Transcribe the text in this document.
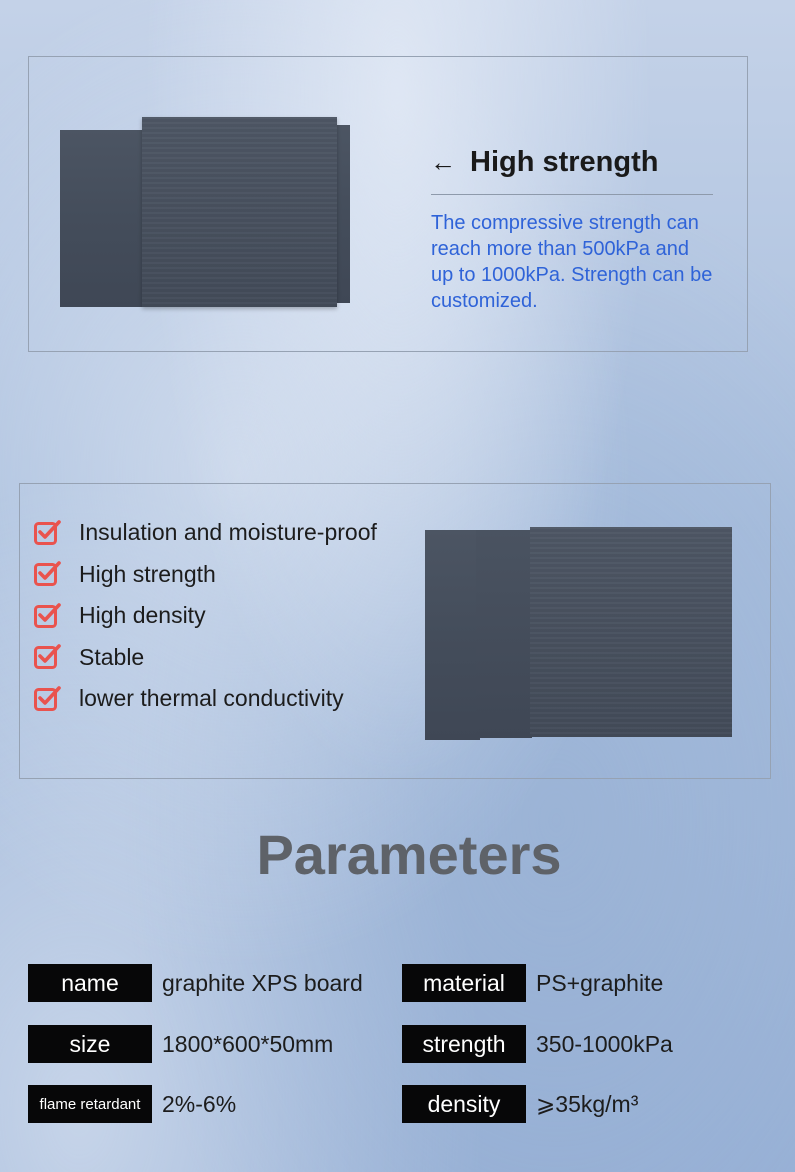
← High strength

The compressive strength can reach more than 500kPa and up to 1000kPa. Strength can be customized.

Insulation and moisture-proof
High strength
High density
Stable
lower thermal conductivity
Parameters
name	graphite XPS board	material	PS+graphite
size	1800*600*50mm	strength	350-1000kPa
flame retardant 2%-6%	density	⩾35kg/m³
